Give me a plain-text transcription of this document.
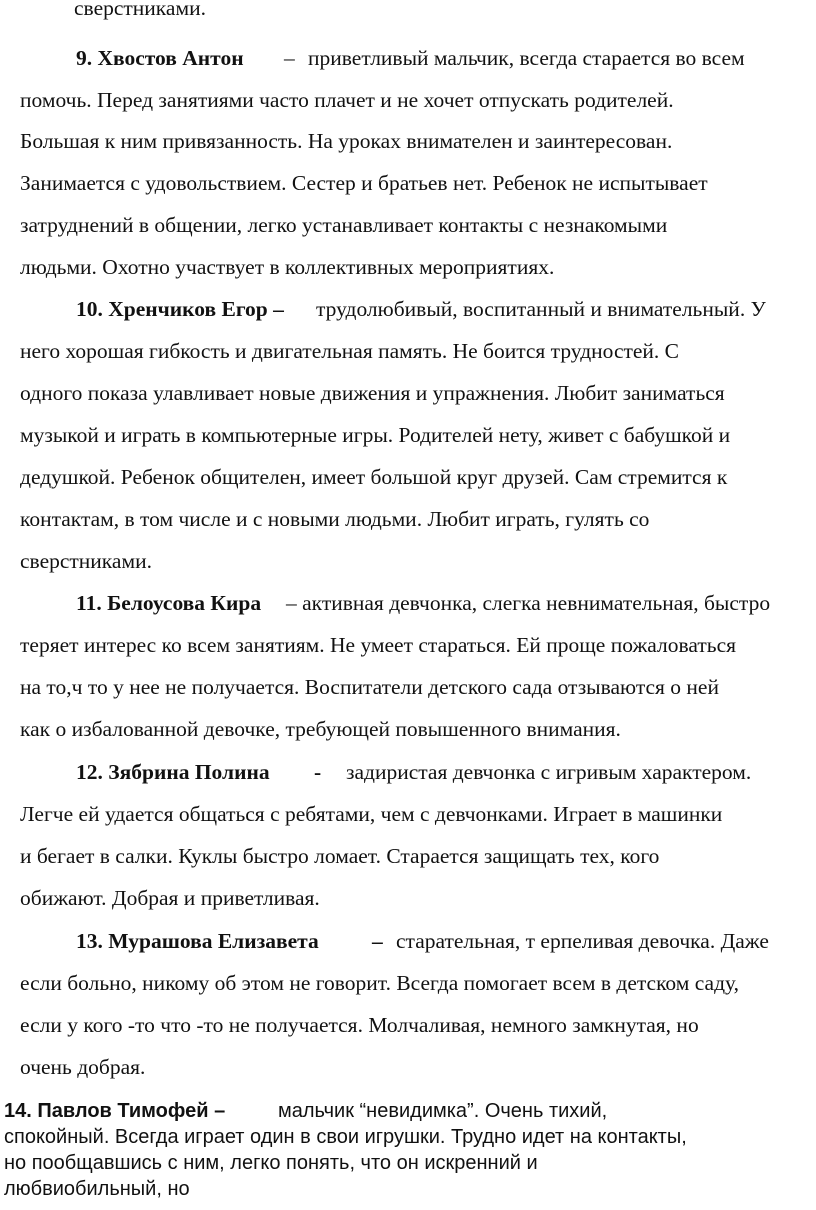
сверстниками.
9. Хвостов Антон – приветливый мальчик, всегда старается во всем
помочь. Перед занятиями часто плачет и не хочет отпускать родителей.
Большая к ним привязанность. На уроках внимателен и заинтересован.
Занимается с удовольствием. Сестер и братьев нет. Ребенок не испытывает
затруднений в общении, легко устанавливает контакты с незнакомыми
людьми. Охотно участвует в коллективных мероприятиях.
10. Хренчиков Егор – трудолюбивый, воспитанный и внимательный. У
него хорошая гибкость и двигательная память. Не боится трудностей. С
одного показа улавливает новые движения и упражнения. Любит заниматься
музыкой и играть в компьютерные игры. Родителей нету, живет с бабушкой и
дедушкой. Ребенок общителен, имеет большой круг друзей. Сам стремится к
контактам, в том числе и с новыми людьми. Любит играть, гулять со
сверстниками.
11. Белоусова Кира – активная девчонка, слегка невнимательная, быстро
теряет интерес ко всем занятиям. Не умеет стараться. Ей проще пожаловаться
на то,ч то у нее не получается. Воспитатели детского сада отзываются о ней
как о избалованной девочке, требующей повышенного внимания.
12. Зябрина Полина - задиристая девчонка с игривым характером.
Легче ей удается общаться с ребятами, чем с девчонками. Играет в машинки
и бегает в салки. Куклы быстро ломает. Старается защищать тех, кого
обижают. Добрая и приветливая.
13. Мурашова Елизавета – старательная, т ерпеливая девочка. Даже
если больно, никому об этом не говорит. Всегда помогает всем в детском саду,
если у кого -то что -то не получается. Молчаливая, немного замкнутая, но
очень добрая.
14. Павлов Тимофей –	мальчик “невидимка”. Очень тихий,
спокойный. Всегда играет один в свои игрушки. Трудно идет на контакты,
но пообщавшись с ним, легко понять, что он искренний и
любвиобильный, но
